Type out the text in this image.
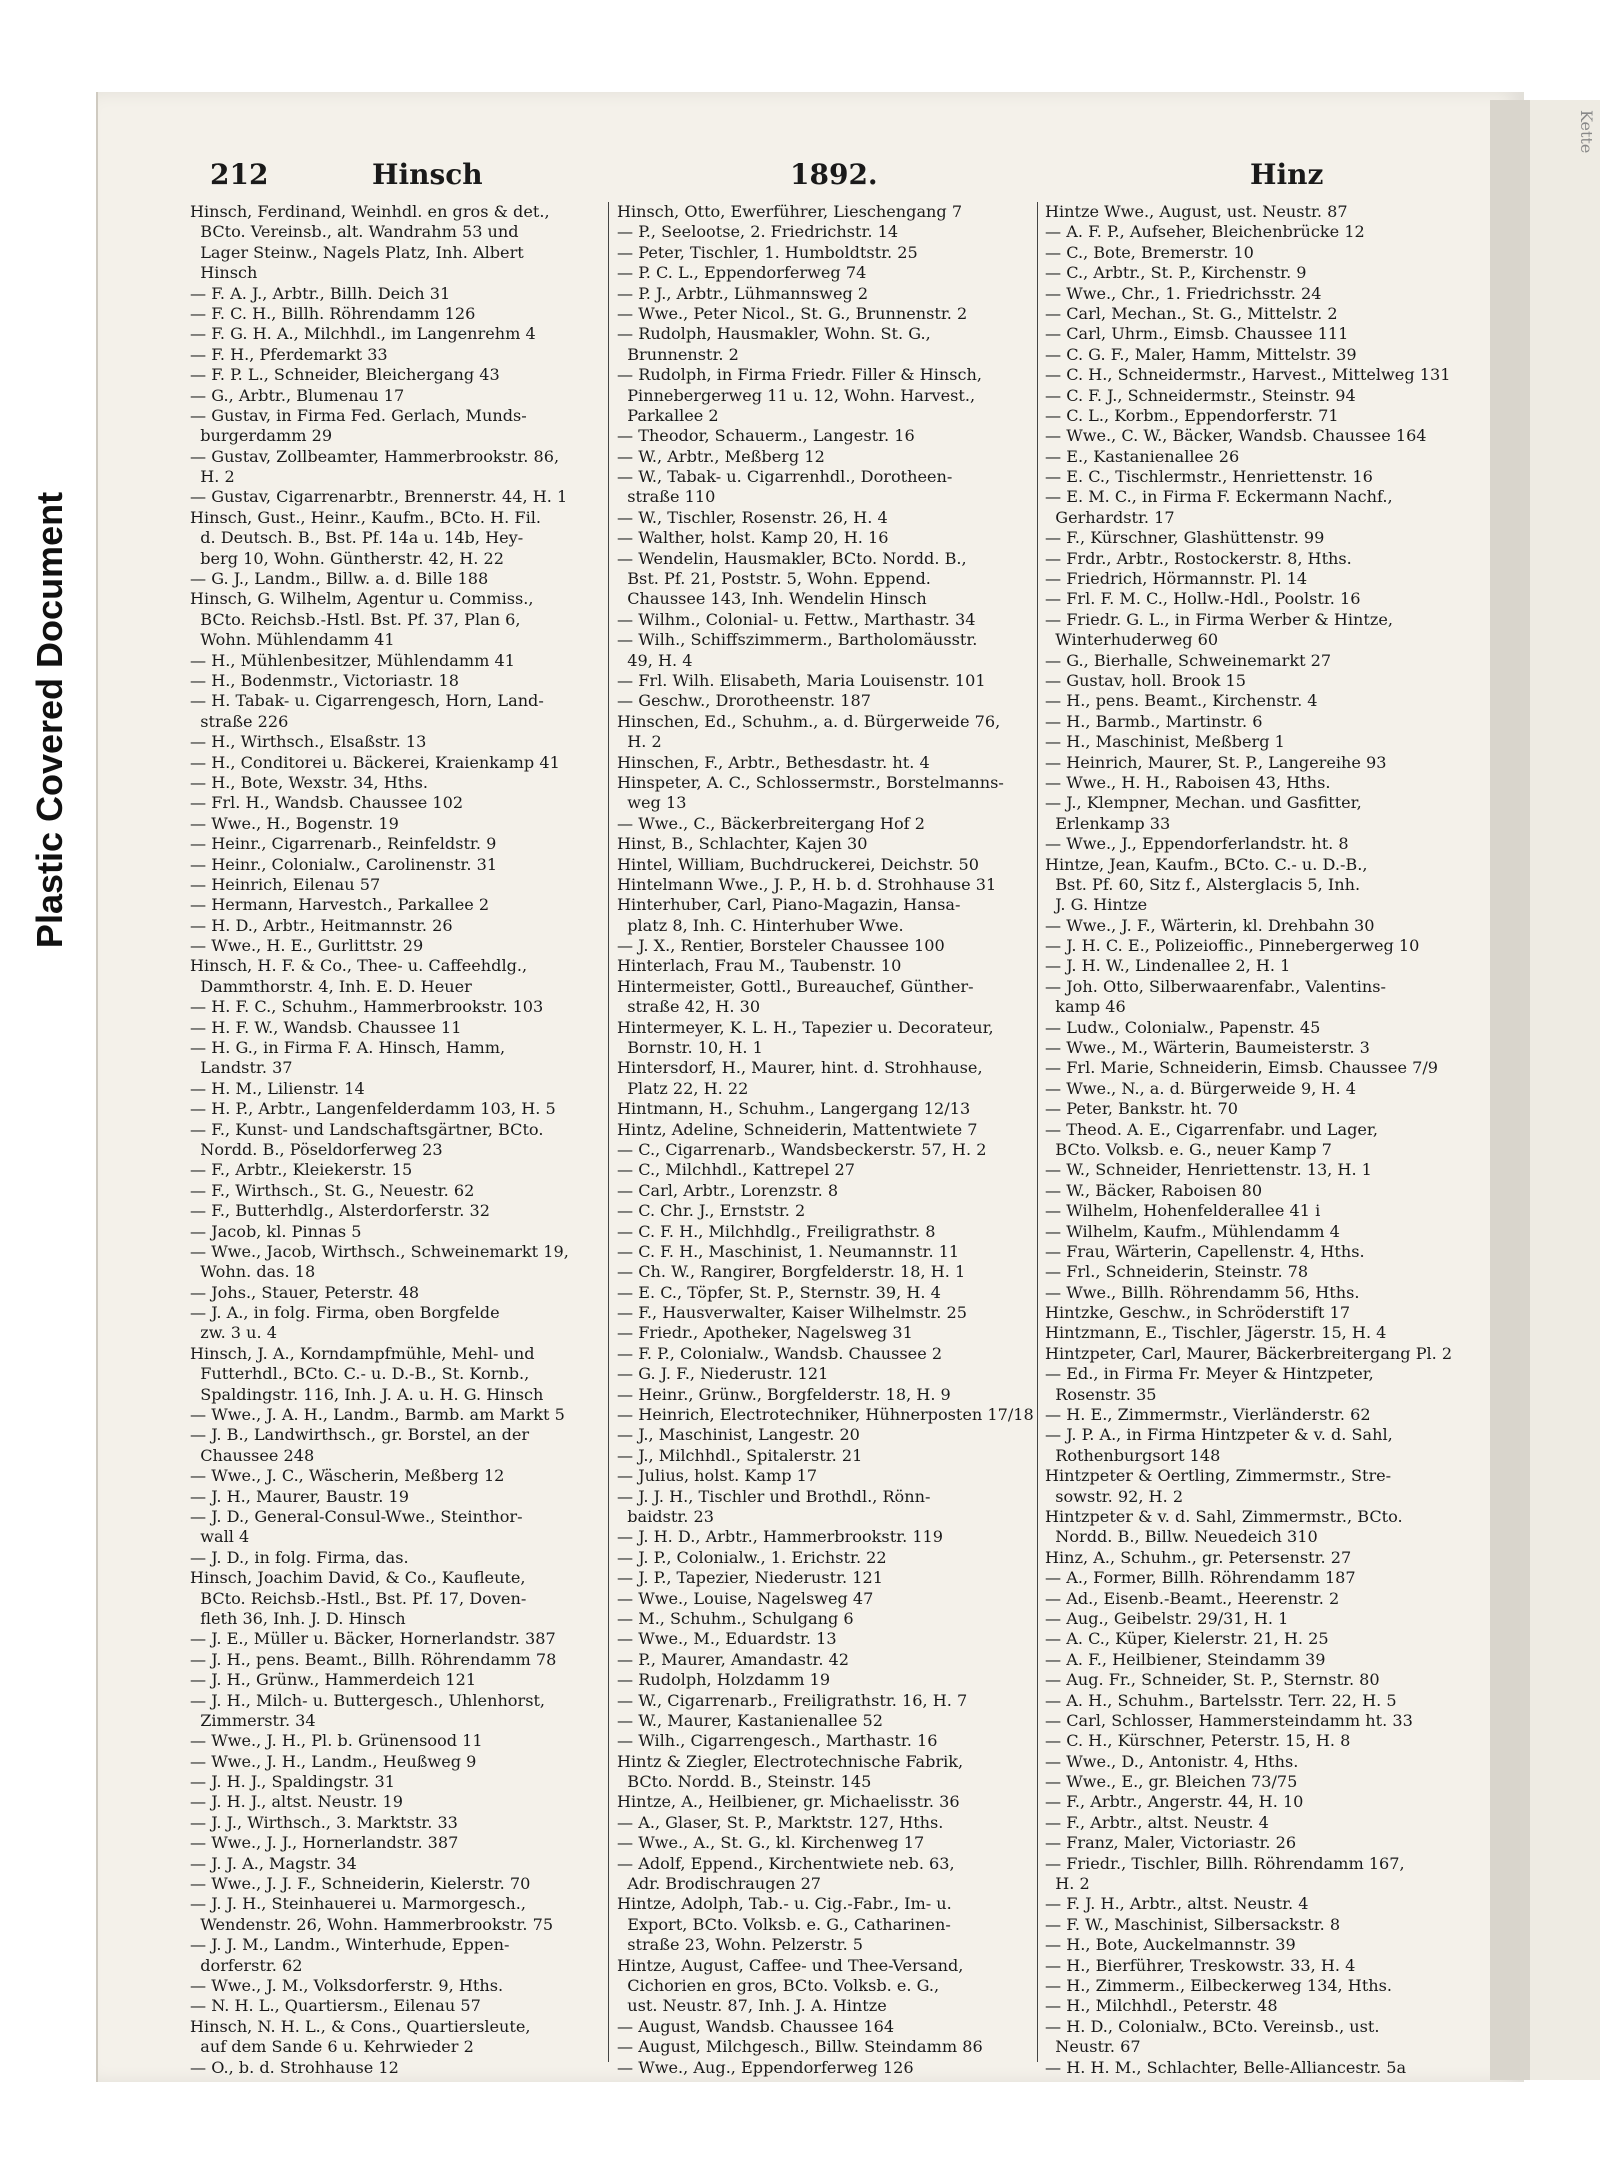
Plastic Covered Document
Kette
212	Hinsch	1892.	Hinz
Hinsch, Ferdinand, Weinhdl. en gros & det.,
BCto. Vereinsb., alt. Wandrahm 53 und
Lager Steinw., Nagels Platz, Inh. Albert
Hinsch
— F. A. J., Arbtr., Billh. Deich 31
— F. C. H., Billh. Röhrendamm 126
— F. G. H. A., Milchhdl., im Langenrehm 4
— F. H., Pferdemarkt 33
— F. P. L., Schneider, Bleichergang 43
— G., Arbtr., Blumenau 17
— Gustav, in Firma Fed. Gerlach, Munds-
burgerdamm 29
— Gustav, Zollbeamter, Hammerbrookstr. 86,
H. 2
— Gustav, Cigarrenarbtr., Brennerstr. 44, H. 1
Hinsch, Gust., Heinr., Kaufm., BCto. H. Fil.
d. Deutsch. B., Bst. Pf. 14a u. 14b, Hey-
berg 10, Wohn. Güntherstr. 42, H. 22
— G. J., Landm., Billw. a. d. Bille 188
Hinsch, G. Wilhelm, Agentur u. Commiss.,
BCto. Reichsb.-Hstl. Bst. Pf. 37, Plan 6,
Wohn. Mühlendamm 41
— H., Mühlenbesitzer, Mühlendamm 41
— H., Bodenmstr., Victoriastr. 18
— H. Tabak- u. Cigarrengesch, Horn, Land-
straße 226
— H., Wirthsch., Elsaßstr. 13
— H., Conditorei u. Bäckerei, Kraienkamp 41
— H., Bote, Wexstr. 34, Hths.
— Frl. H., Wandsb. Chaussee 102
— Wwe., H., Bogenstr. 19
— Heinr., Cigarrenarb., Reinfeldstr. 9
— Heinr., Colonialw., Carolinenstr. 31
— Heinrich, Eilenau 57
— Hermann, Harvestch., Parkallee 2
— H. D., Arbtr., Heitmannstr. 26
— Wwe., H. E., Gurlittstr. 29
Hinsch, H. F. & Co., Thee- u. Caffeehdlg.,
Dammthorstr. 4, Inh. E. D. Heuer
— H. F. C., Schuhm., Hammerbrookstr. 103
— H. F. W., Wandsb. Chaussee 11
— H. G., in Firma F. A. Hinsch, Hamm,
Landstr. 37
— H. M., Lilienstr. 14
— H. P., Arbtr., Langenfelderdamm 103, H. 5
— F., Kunst- und Landschaftsgärtner, BCto.
Nordd. B., Pöseldorferweg 23
— F., Arbtr., Kleiekerstr. 15
— F., Wirthsch., St. G., Neuestr. 62
— F., Butterhdlg., Alsterdorferstr. 32
— Jacob, kl. Pinnas 5
— Wwe., Jacob, Wirthsch., Schweinemarkt 19,
Wohn. das. 18
— Johs., Stauer, Peterstr. 48
— J. A., in folg. Firma, oben Borgfelde
zw. 3 u. 4
Hinsch, J. A., Korndampfmühle, Mehl- und
Futterhdl., BCto. C.- u. D.-B., St. Kornb.,
Spaldingstr. 116, Inh. J. A. u. H. G. Hinsch
— Wwe., J. A. H., Landm., Barmb. am Markt 5
— J. B., Landwirthsch., gr. Borstel, an der
Chaussee 248
— Wwe., J. C., Wäscherin, Meßberg 12
— J. H., Maurer, Baustr. 19
— J. D., General-Consul-Wwe., Steinthor-
wall 4
— J. D., in folg. Firma, das.
Hinsch, Joachim David, & Co., Kaufleute,
BCto. Reichsb.-Hstl., Bst. Pf. 17, Doven-
fleth 36, Inh. J. D. Hinsch
— J. E., Müller u. Bäcker, Hornerlandstr. 387
— J. H., pens. Beamt., Billh. Röhrendamm 78
— J. H., Grünw., Hammerdeich 121
— J. H., Milch- u. Buttergesch., Uhlenhorst,
Zimmerstr. 34
— Wwe., J. H., Pl. b. Grünensood 11
— Wwe., J. H., Landm., Heußweg 9
— J. H. J., Spaldingstr. 31
— J. H. J., altst. Neustr. 19
— J. J., Wirthsch., 3. Marktstr. 33
— Wwe., J. J., Hornerlandstr. 387
— J. J. A., Magstr. 34
— Wwe., J. J. F., Schneiderin, Kielerstr. 70
— J. J. H., Steinhauerei u. Marmorgesch.,
Wendenstr. 26, Wohn. Hammerbrookstr. 75
— J. J. M., Landm., Winterhude, Eppen-
dorferstr. 62
— Wwe., J. M., Volksdorferstr. 9, Hths.
— N. H. L., Quartiersm., Eilenau 57
Hinsch, N. H. L., & Cons., Quartiersleute,
auf dem Sande 6 u. Kehrwieder 2
— O., b. d. Strohhause 12
Hinsch, Otto, Ewerführer, Lieschengang 7
— P., Seelootse, 2. Friedrichstr. 14
— Peter, Tischler, 1. Humboldtstr. 25
— P. C. L., Eppendorferweg 74
— P. J., Arbtr., Lühmannsweg 2
— Wwe., Peter Nicol., St. G., Brunnenstr. 2
— Rudolph, Hausmakler, Wohn. St. G.,
Brunnenstr. 2
— Rudolph, in Firma Friedr. Filler & Hinsch,
Pinnebergerweg 11 u. 12, Wohn. Harvest.,
Parkallee 2
— Theodor, Schauerm., Langestr. 16
— W., Arbtr., Meßberg 12
— W., Tabak- u. Cigarrenhdl., Dorotheen-
straße 110
— W., Tischler, Rosenstr. 26, H. 4
— Walther, holst. Kamp 20, H. 16
— Wendelin, Hausmakler, BCto. Nordd. B.,
Bst. Pf. 21, Poststr. 5, Wohn. Eppend.
Chaussee 143, Inh. Wendelin Hinsch
— Wilhm., Colonial- u. Fettw., Marthastr. 34
— Wilh., Schiffszimmerm., Bartholomäusstr.
49, H. 4
— Frl. Wilh. Elisabeth, Maria Louisenstr. 101
— Geschw., Drorotheenstr. 187
Hinschen, Ed., Schuhm., a. d. Bürgerweide 76,
H. 2
Hinschen, F., Arbtr., Bethesdastr. ht. 4
Hinspeter, A. C., Schlossermstr., Borstelmanns-
weg 13
— Wwe., C., Bäckerbreitergang Hof 2
Hinst, B., Schlachter, Kajen 30
Hintel, William, Buchdruckerei, Deichstr. 50
Hintelmann Wwe., J. P., H. b. d. Strohhause 31
Hinterhuber, Carl, Piano-Magazin, Hansa-
platz 8, Inh. C. Hinterhuber Wwe.
— J. X., Rentier, Borsteler Chaussee 100
Hinterlach, Frau M., Taubenstr. 10
Hintermeister, Gottl., Bureauchef, Günther-
straße 42, H. 30
Hintermeyer, K. L. H., Tapezier u. Decorateur,
Bornstr. 10, H. 1
Hintersdorf, H., Maurer, hint. d. Strohhause,
Platz 22, H. 22
Hintmann, H., Schuhm., Langergang 12/13
Hintz, Adeline, Schneiderin, Mattentwiete 7
— C., Cigarrenarb., Wandsbeckerstr. 57, H. 2
— C., Milchhdl., Kattrepel 27
— Carl, Arbtr., Lorenzstr. 8
— C. Chr. J., Ernststr. 2
— C. F. H., Milchhdlg., Freiligrathstr. 8
— C. F. H., Maschinist, 1. Neumannstr. 11
— Ch. W., Rangirer, Borgfelderstr. 18, H. 1
— E. C., Töpfer, St. P., Sternstr. 39, H. 4
— F., Hausverwalter, Kaiser Wilhelmstr. 25
— Friedr., Apotheker, Nagelsweg 31
— F. P., Colonialw., Wandsb. Chaussee 2
— G. J. F., Niederustr. 121
— Heinr., Grünw., Borgfelderstr. 18, H. 9
— Heinrich, Electrotechniker, Hühnerposten 17/18
— J., Maschinist, Langestr. 20
— J., Milchhdl., Spitalerstr. 21
— Julius, holst. Kamp 17
— J. J. H., Tischler und Brothdl., Rönn-
baidstr. 23
— J. H. D., Arbtr., Hammerbrookstr. 119
— J. P., Colonialw., 1. Erichstr. 22
— J. P., Tapezier, Niederustr. 121
— Wwe., Louise, Nagelsweg 47
— M., Schuhm., Schulgang 6
— Wwe., M., Eduardstr. 13
— P., Maurer, Amandastr. 42
— Rudolph, Holzdamm 19
— W., Cigarrenarb., Freiligrathstr. 16, H. 7
— W., Maurer, Kastanienallee 52
— Wilh., Cigarrengesch., Marthastr. 16
Hintz & Ziegler, Electrotechnische Fabrik,
BCto. Nordd. B., Steinstr. 145
Hintze, A., Heilbiener, gr. Michaelisstr. 36
— A., Glaser, St. P., Marktstr. 127, Hths.
— Wwe., A., St. G., kl. Kirchenweg 17
— Adolf, Eppend., Kirchentwiete neb. 63,
Adr. Brodischraugen 27
Hintze, Adolph, Tab.- u. Cig.-Fabr., Im- u.
Export, BCto. Volksb. e. G., Catharinen-
straße 23, Wohn. Pelzerstr. 5
Hintze, August, Caffee- und Thee-Versand,
Cichorien en gros, BCto. Volksb. e. G.,
ust. Neustr. 87, Inh. J. A. Hintze
— August, Wandsb. Chaussee 164
— August, Milchgesch., Billw. Steindamm 86
— Wwe., Aug., Eppendorferweg 126
Hintze Wwe., August, ust. Neustr. 87
— A. F. P., Aufseher, Bleichenbrücke 12
— C., Bote, Bremerstr. 10
— C., Arbtr., St. P., Kirchenstr. 9
— Wwe., Chr., 1. Friedrichsstr. 24
— Carl, Mechan., St. G., Mittelstr. 2
— Carl, Uhrm., Eimsb. Chaussee 111
— C. G. F., Maler, Hamm, Mittelstr. 39
— C. H., Schneidermstr., Harvest., Mittelweg 131
— C. F. J., Schneidermstr., Steinstr. 94
— C. L., Korbm., Eppendorferstr. 71
— Wwe., C. W., Bäcker, Wandsb. Chaussee 164
— E., Kastanienallee 26
— E. C., Tischlermstr., Henriettenstr. 16
— E. M. C., in Firma F. Eckermann Nachf.,
Gerhardstr. 17
— F., Kürschner, Glashüttenstr. 99
— Frdr., Arbtr., Rostockerstr. 8, Hths.
— Friedrich, Hörmannstr. Pl. 14
— Frl. F. M. C., Hollw.-Hdl., Poolstr. 16
— Friedr. G. L., in Firma Werber & Hintze,
Winterhuderweg 60
— G., Bierhalle, Schweinemarkt 27
— Gustav, holl. Brook 15
— H., pens. Beamt., Kirchenstr. 4
— H., Barmb., Martinstr. 6
— H., Maschinist, Meßberg 1
— Heinrich, Maurer, St. P., Langereihe 93
— Wwe., H. H., Raboisen 43, Hths.
— J., Klempner, Mechan. und Gasfitter,
Erlenkamp 33
— Wwe., J., Eppendorferlandstr. ht. 8
Hintze, Jean, Kaufm., BCto. C.- u. D.-B.,
Bst. Pf. 60, Sitz f., Alsterglacis 5, Inh.
J. G. Hintze
— Wwe., J. F., Wärterin, kl. Drehbahn 30
— J. H. C. E., Polizeioffic., Pinnebergerweg 10
— J. H. W., Lindenallee 2, H. 1
— Joh. Otto, Silberwaarenfabr., Valentins-
kamp 46
— Ludw., Colonialw., Papenstr. 45
— Wwe., M., Wärterin, Baumeisterstr. 3
— Frl. Marie, Schneiderin, Eimsb. Chaussee 7/9
— Wwe., N., a. d. Bürgerweide 9, H. 4
— Peter, Bankstr. ht. 70
— Theod. A. E., Cigarrenfabr. und Lager,
BCto. Volksb. e. G., neuer Kamp 7
— W., Schneider, Henriettenstr. 13, H. 1
— W., Bäcker, Raboisen 80
— Wilhelm, Hohenfelderallee 41 i
— Wilhelm, Kaufm., Mühlendamm 4
— Frau, Wärterin, Capellenstr. 4, Hths.
— Frl., Schneiderin, Steinstr. 78
— Wwe., Billh. Röhrendamm 56, Hths.
Hintzke, Geschw., in Schröderstift 17
Hintzmann, E., Tischler, Jägerstr. 15, H. 4
Hintzpeter, Carl, Maurer, Bäckerbreitergang Pl. 2
— Ed., in Firma Fr. Meyer & Hintzpeter,
Rosenstr. 35
— H. E., Zimmermstr., Vierländerstr. 62
— J. P. A., in Firma Hintzpeter & v. d. Sahl,
Rothenburgsort 148
Hintzpeter & Oertling, Zimmermstr., Stre-
sowstr. 92, H. 2
Hintzpeter & v. d. Sahl, Zimmermstr., BCto.
Nordd. B., Billw. Neuedeich 310
Hinz, A., Schuhm., gr. Petersenstr. 27
— A., Former, Billh. Röhrendamm 187
— Ad., Eisenb.-Beamt., Heerenstr. 2
— Aug., Geibelstr. 29/31, H. 1
— A. C., Küper, Kielerstr. 21, H. 25
— A. F., Heilbiener, Steindamm 39
— Aug. Fr., Schneider, St. P., Sternstr. 80
— A. H., Schuhm., Bartelsstr. Terr. 22, H. 5
— Carl, Schlosser, Hammersteindamm ht. 33
— C. H., Kürschner, Peterstr. 15, H. 8
— Wwe., D., Antonistr. 4, Hths.
— Wwe., E., gr. Bleichen 73/75
— F., Arbtr., Angerstr. 44, H. 10
— F., Arbtr., altst. Neustr. 4
— Franz, Maler, Victoriastr. 26
— Friedr., Tischler, Billh. Röhrendamm 167,
H. 2
— F. J. H., Arbtr., altst. Neustr. 4
— F. W., Maschinist, Silbersackstr. 8
— H., Bote, Auckelmannstr. 39
— H., Bierführer, Treskowstr. 33, H. 4
— H., Zimmerm., Eilbeckerweg 134, Hths.
— H., Milchhdl., Peterstr. 48
— H. D., Colonialw., BCto. Vereinsb., ust.
Neustr. 67
— H. H. M., Schlachter, Belle-Alliancestr. 5a
